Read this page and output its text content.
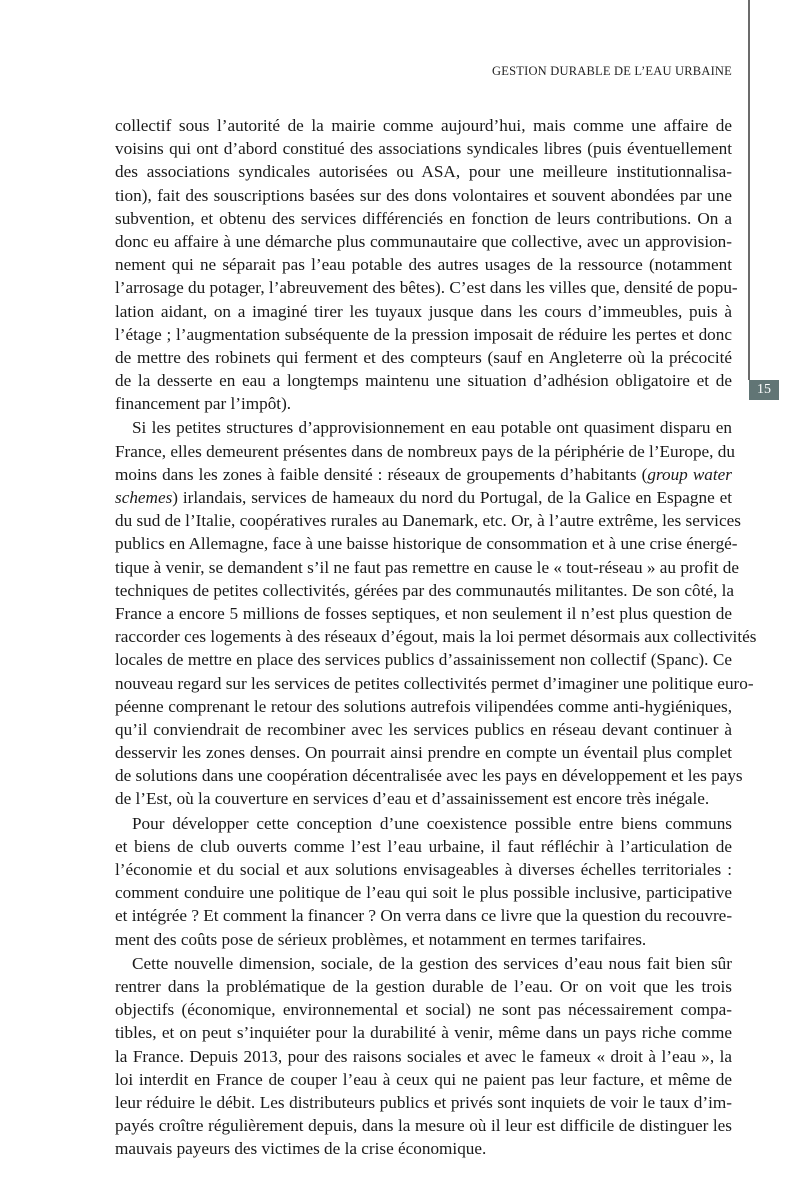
GESTION DURABLE DE L’EAU URBAINE
15
collectif sous l’autorité de la mairie comme aujourd’hui, mais comme une affaire de
voisins qui ont d’abord constitué des associations syndicales libres (puis éventuellement
des associations syndicales autorisées ou ASA, pour une meilleure institutionnalisa-
tion), fait des souscriptions basées sur des dons volontaires et souvent abondées par une
subvention, et obtenu des services différenciés en fonction de leurs contributions. On a
donc eu affaire à une démarche plus communautaire que collective, avec un approvision-
nement qui ne séparait pas l’eau potable des autres usages de la ressource (notamment
l’arrosage du potager, l’abreuvement des bêtes). C’est dans les villes que, densité de popu-
lation aidant, on a imaginé tirer les tuyaux jusque dans les cours d’immeubles, puis à
l’étage ; l’augmentation subséquente de la pression imposait de réduire les pertes et donc
de mettre des robinets qui ferment et des compteurs (sauf en Angleterre où la précocité
de la desserte en eau a longtemps maintenu une situation d’adhésion obligatoire et de
financement par l’impôt).
Si les petites structures d’approvisionnement en eau potable ont quasiment disparu en
France, elles demeurent présentes dans de nombreux pays de la périphérie de l’Europe, du
moins dans les zones à faible densité : réseaux de groupements d’habitants (group water
schemes) irlandais, services de hameaux du nord du Portugal, de la Galice en Espagne et
du sud de l’Italie, coopératives rurales au Danemark, etc. Or, à l’autre extrême, les services
publics en Allemagne, face à une baisse historique de consommation et à une crise énergé-
tique à venir, se demandent s’il ne faut pas remettre en cause le « tout-réseau » au profit de
techniques de petites collectivités, gérées par des communautés militantes. De son côté, la
France a encore 5 millions de fosses septiques, et non seulement il n’est plus question de
raccorder ces logements à des réseaux d’égout, mais la loi permet désormais aux collectivités
locales de mettre en place des services publics d’assainissement non collectif (Spanc). Ce
nouveau regard sur les services de petites collectivités permet d’imaginer une politique euro-
péenne comprenant le retour des solutions autrefois vilipendées comme anti-hygiéniques,
qu’il conviendrait de recombiner avec les services publics en réseau devant continuer à
desservir les zones denses. On pourrait ainsi prendre en compte un éventail plus complet
de solutions dans une coopération décentralisée avec les pays en développement et les pays
de l’Est, où la couverture en services d’eau et d’assainissement est encore très inégale.
Pour développer cette conception d’une coexistence possible entre biens communs
et biens de club ouverts comme l’est l’eau urbaine, il faut réfléchir à l’articulation de
l’économie et du social et aux solutions envisageables à diverses échelles territoriales :
comment conduire une politique de l’eau qui soit le plus possible inclusive, participative
et intégrée ? Et comment la financer ? On verra dans ce livre que la question du recouvre-
ment des coûts pose de sérieux problèmes, et notamment en termes tarifaires.
Cette nouvelle dimension, sociale, de la gestion des services d’eau nous fait bien sûr
rentrer dans la problématique de la gestion durable de l’eau. Or on voit que les trois
objectifs (économique, environnemental et social) ne sont pas nécessairement compa-
tibles, et on peut s’inquiéter pour la durabilité à venir, même dans un pays riche comme
la France. Depuis 2013, pour des raisons sociales et avec le fameux « droit à l’eau », la
loi interdit en France de couper l’eau à ceux qui ne paient pas leur facture, et même de
leur réduire le débit. Les distributeurs publics et privés sont inquiets de voir le taux d’im-
payés croître régulièrement depuis, dans la mesure où il leur est difficile de distinguer les
mauvais payeurs des victimes de la crise économique.
